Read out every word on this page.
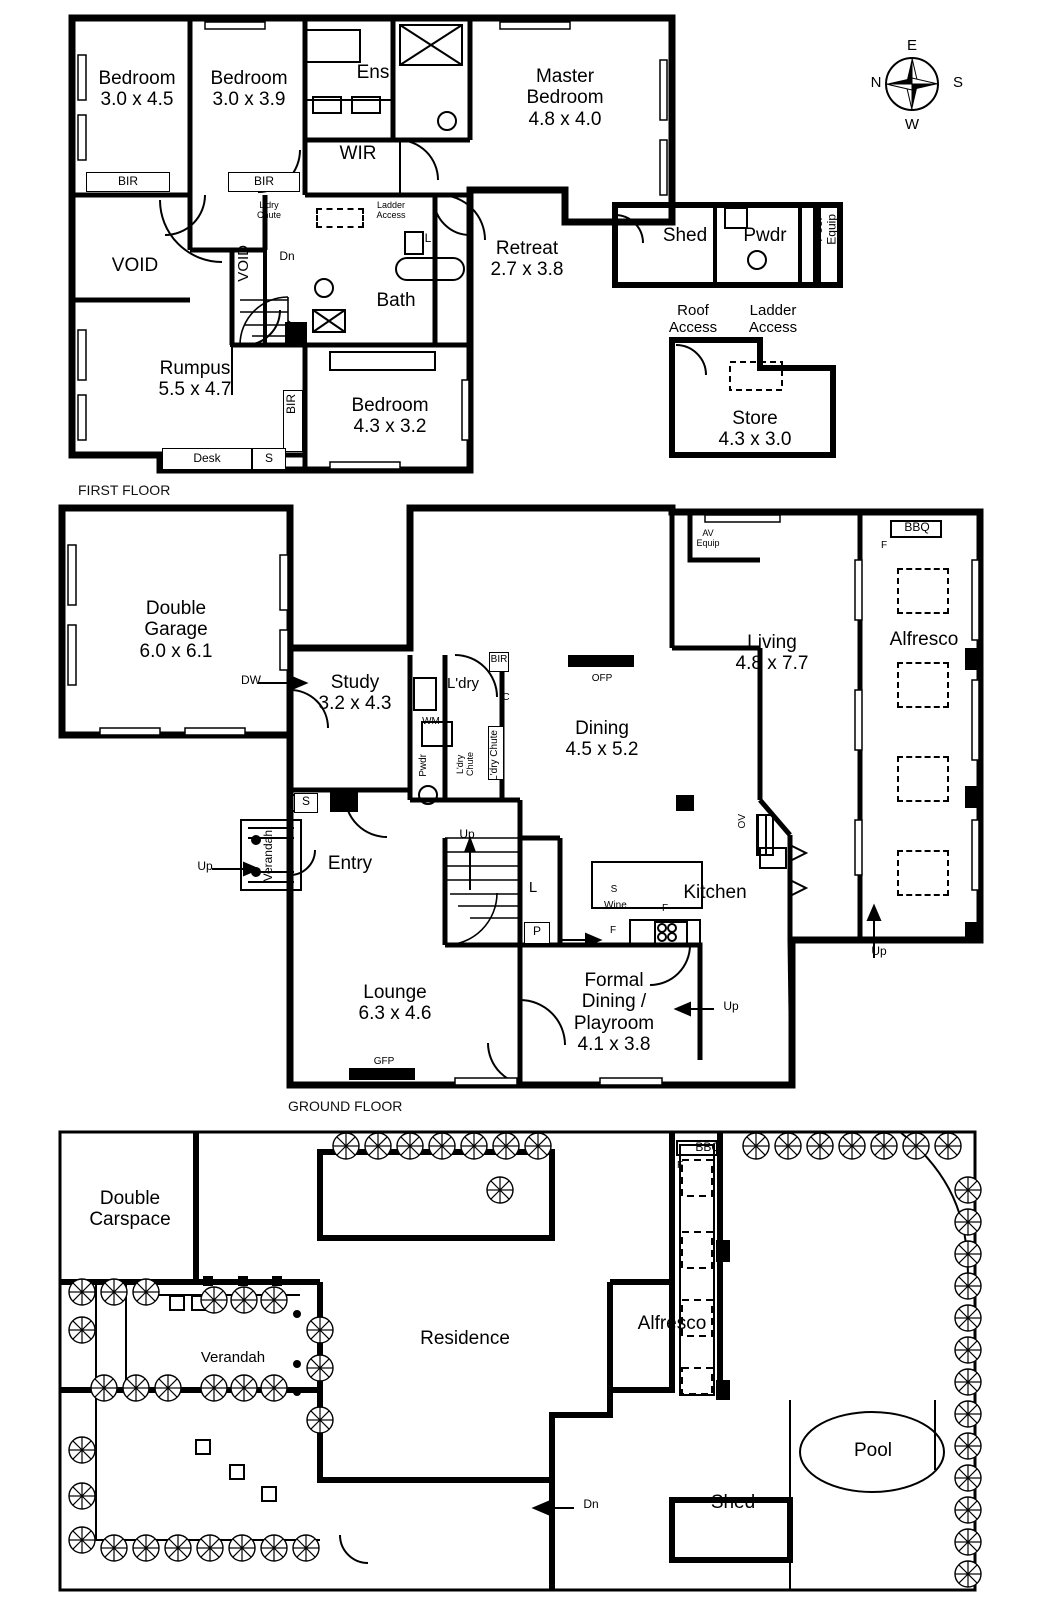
Bedroom
3.0 x 4.5
Bedroom
3.0 x 3.9
Ens	Master
Bedroom
4.8 x 4.0
WIR
VOID	VOID	Retreat
2.7 x 3.8
Bath
Rumpus
5.5 x 4.7
Bedroom
4.3 x 3.2
BIR	BIR
BIR
L'dry
Chute
Ladder
Access
Dn
L
Desk	S
Shed	Pwdr	Pool
Equip
Roof
Access
Ladder
Access
Store
4.3 x 3.0
FIRST FLOOR
Double
Garage
6.0 x 6.1
Study
3.2 x 4.3
L'dry
Dining
4.5 x 5.2
Living
4.8 x 7.7
Alfresco
Kitchen
Entry
Verandah
Lounge
6.3 x 4.6
Formal
Dining /
Playroom
4.1 x 3.8
AV
Equip
BBQ
F
OFP
GFP
WM
Pwdr	L'dry
Chute	L'dry Chute
BIR
C
L
P
S
S
Wine
F
F
OV
DW
Up
Up
Up
Up
GROUND FLOOR
Double
Carspace
Residence
Alfresco
Verandah
Pool
Shed
BBQ
F
Dn
E
N	S
W
